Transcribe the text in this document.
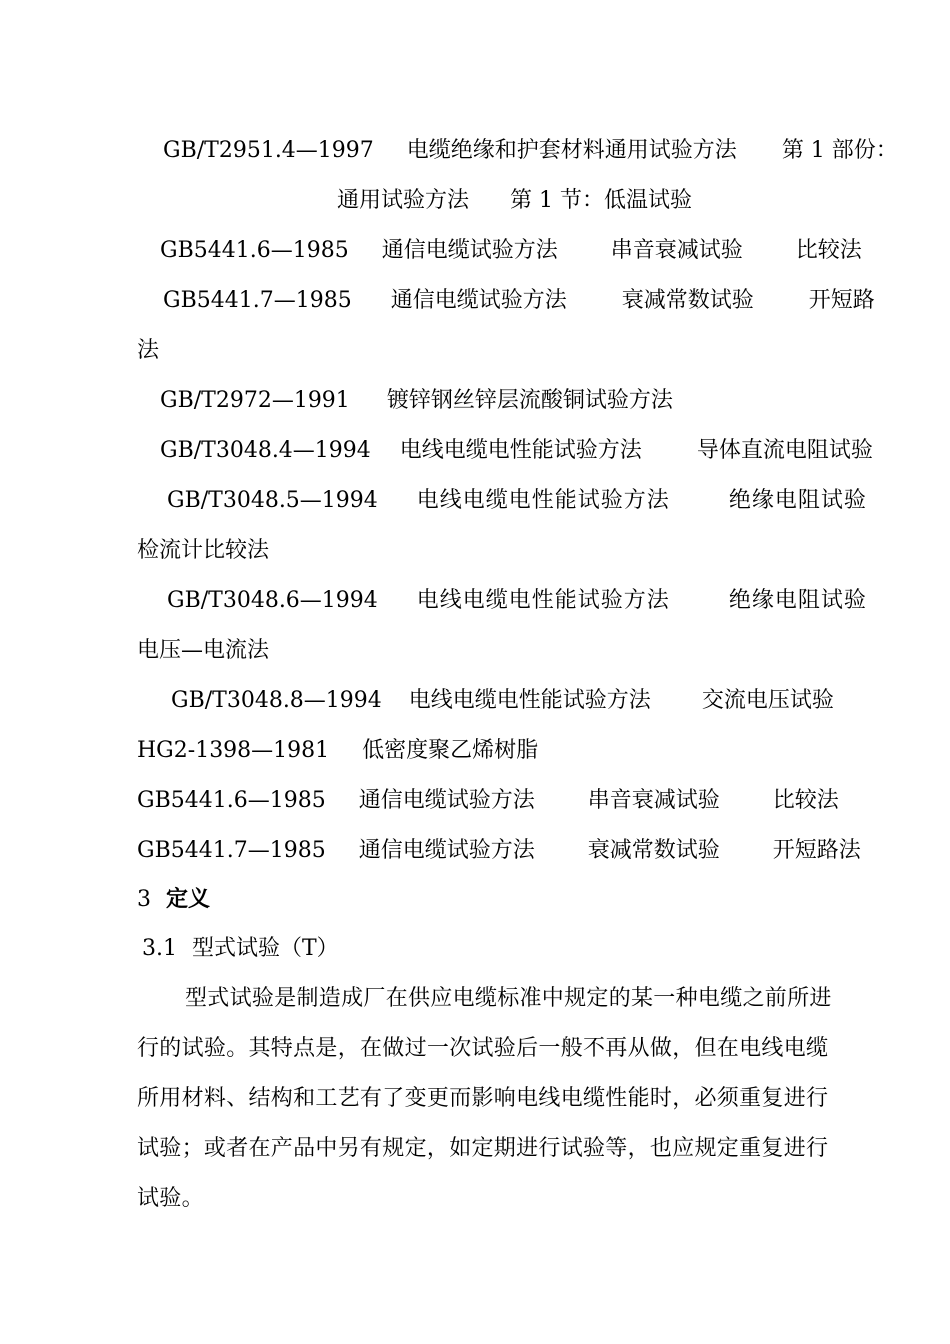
GB/T2951.4—1997 电缆绝缘和护套材料通用试验方法 第 1 部份：
通用试验方法 第 1 节：低温试验
GB5441.6—1985 通信电缆试验方法 串音衰减试验 比较法
GB5441.7—1985 通信电缆试验方法	衰减常数试验	开短路
法
GB/T2972—1991 镀锌钢丝锌层流酸铜试验方法
GB/T3048.4—1994 电线电缆电性能试验方法	导体直流电阻试验
GB/T3048.5—1994 电线电缆电性能试验方法	绝缘电阻试验
检流计比较法
GB/T3048.6—1994 电线电缆电性能试验方法	绝缘电阻试验
电压—电流法
GB/T3048.8—1994 电线电缆电性能试验方法 交流电压试验
HG2-1398—1981 低密度聚乙烯树脂
GB5441.6—1985 通信电缆试验方法 串音衰减试验 比较法
GB5441.7—1985 通信电缆试验方法 衰减常数试验 开短路法
3 定义
3.1 型式试验（T）
型式试验是制造成厂在供应电缆标准中规定的某一种电缆之前所进
行的试验。其特点是，在做过一次试验后一般不再从做，但在电线电缆
所用材料、结构和工艺有了变更而影响电线电缆性能时，必须重复进行
试验；或者在产品中另有规定，如定期进行试验等，也应规定重复进行
试验。
